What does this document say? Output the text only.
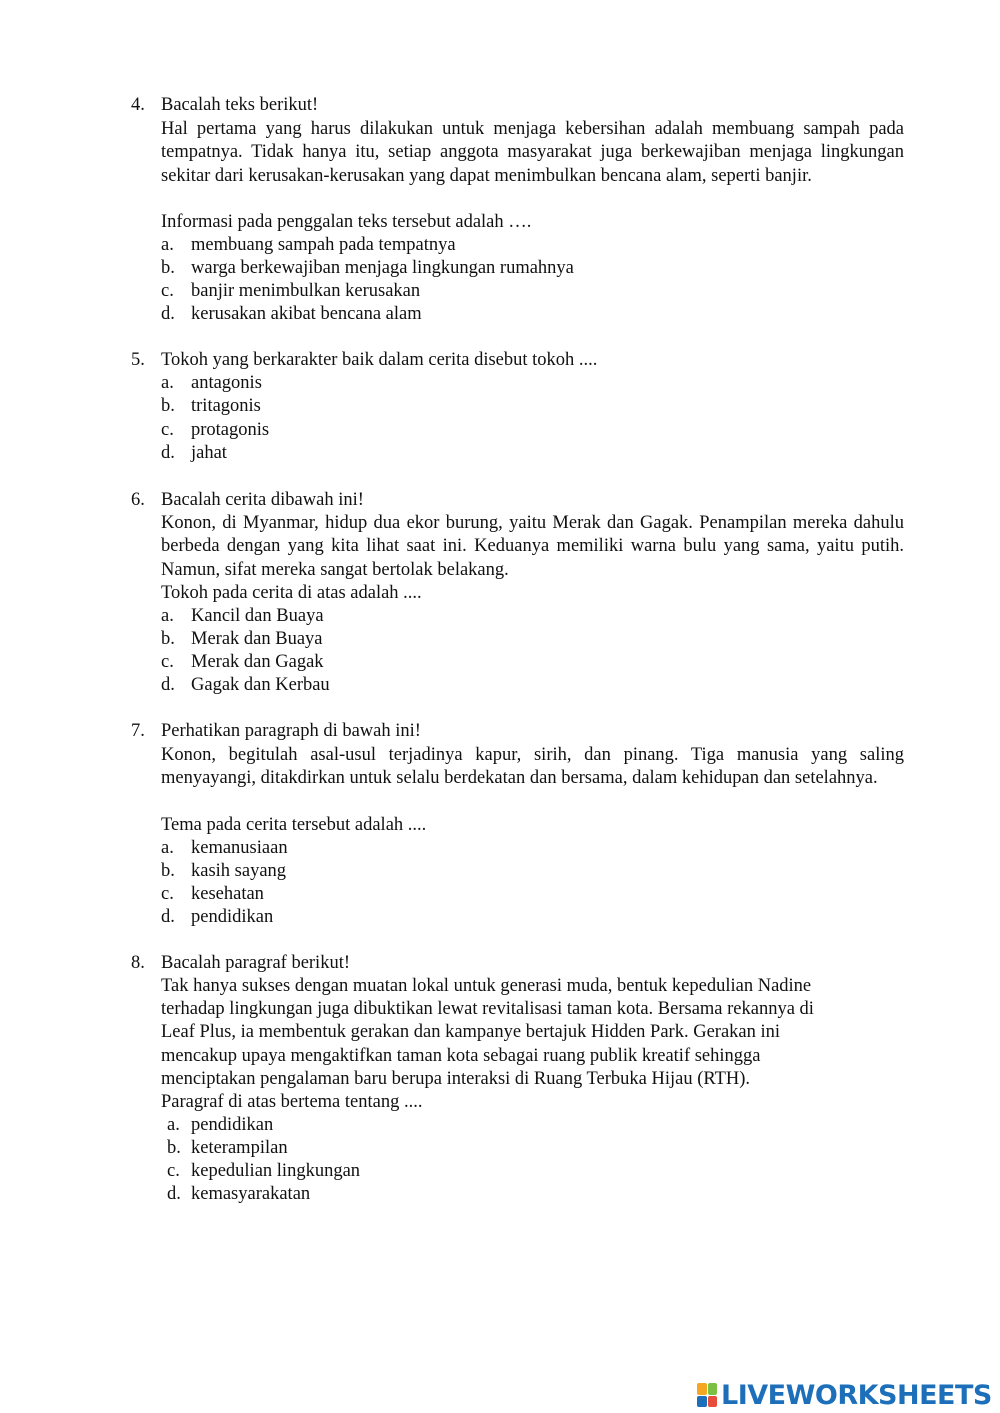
4. Bacalah teks berikut!
Hal pertama yang harus dilakukan untuk menjaga kebersihan adalah membuang sampah pada tempatnya. Tidak hanya itu, setiap anggota masyarakat juga berkewajiban menjaga lingkungan sekitar dari kerusakan-kerusakan yang dapat menimbulkan bencana alam, seperti banjir.
Informasi pada penggalan teks tersebut adalah ….
a. membuang sampah pada tempatnya
b. warga berkewajiban menjaga lingkungan rumahnya
c. banjir menimbulkan kerusakan
d. kerusakan akibat bencana alam
5. Tokoh yang berkarakter baik dalam cerita disebut tokoh ....
a. antagonis
b. tritagonis
c. protagonis
d. jahat
6. Bacalah cerita dibawah ini!
Konon, di Myanmar, hidup dua ekor burung, yaitu Merak dan Gagak. Penampilan mereka dahulu berbeda dengan yang kita lihat saat ini. Keduanya memiliki warna bulu yang sama, yaitu putih. Namun, sifat mereka sangat bertolak belakang.
Tokoh pada cerita di atas adalah ....
a. Kancil dan Buaya
b. Merak dan Buaya
c. Merak dan Gagak
d. Gagak dan Kerbau
7. Perhatikan paragraph di bawah ini!
Konon, begitulah asal-usul terjadinya kapur, sirih, dan pinang. Tiga manusia yang saling menyayangi, ditakdirkan untuk selalu berdekatan dan bersama, dalam kehidupan dan setelahnya.
Tema pada cerita tersebut adalah ....
a. kemanusiaan
b. kasih sayang
c. kesehatan
d. pendidikan
8. Bacalah paragraf berikut!
Tak hanya sukses dengan muatan lokal untuk generasi muda, bentuk kepedulian Nadine
terhadap lingkungan juga dibuktikan lewat revitalisasi taman kota. Bersama rekannya di
Leaf Plus, ia membentuk gerakan dan kampanye bertajuk Hidden Park. Gerakan ini
mencakup upaya mengaktifkan taman kota sebagai ruang publik kreatif sehingga
menciptakan pengalaman baru berupa interaksi di Ruang Terbuka Hijau (RTH).
Paragraf di atas bertema tentang ....
a. pendidikan
b. keterampilan
c. kepedulian lingkungan
d. kemasyarakatan
LIVEWORKSHEETS
